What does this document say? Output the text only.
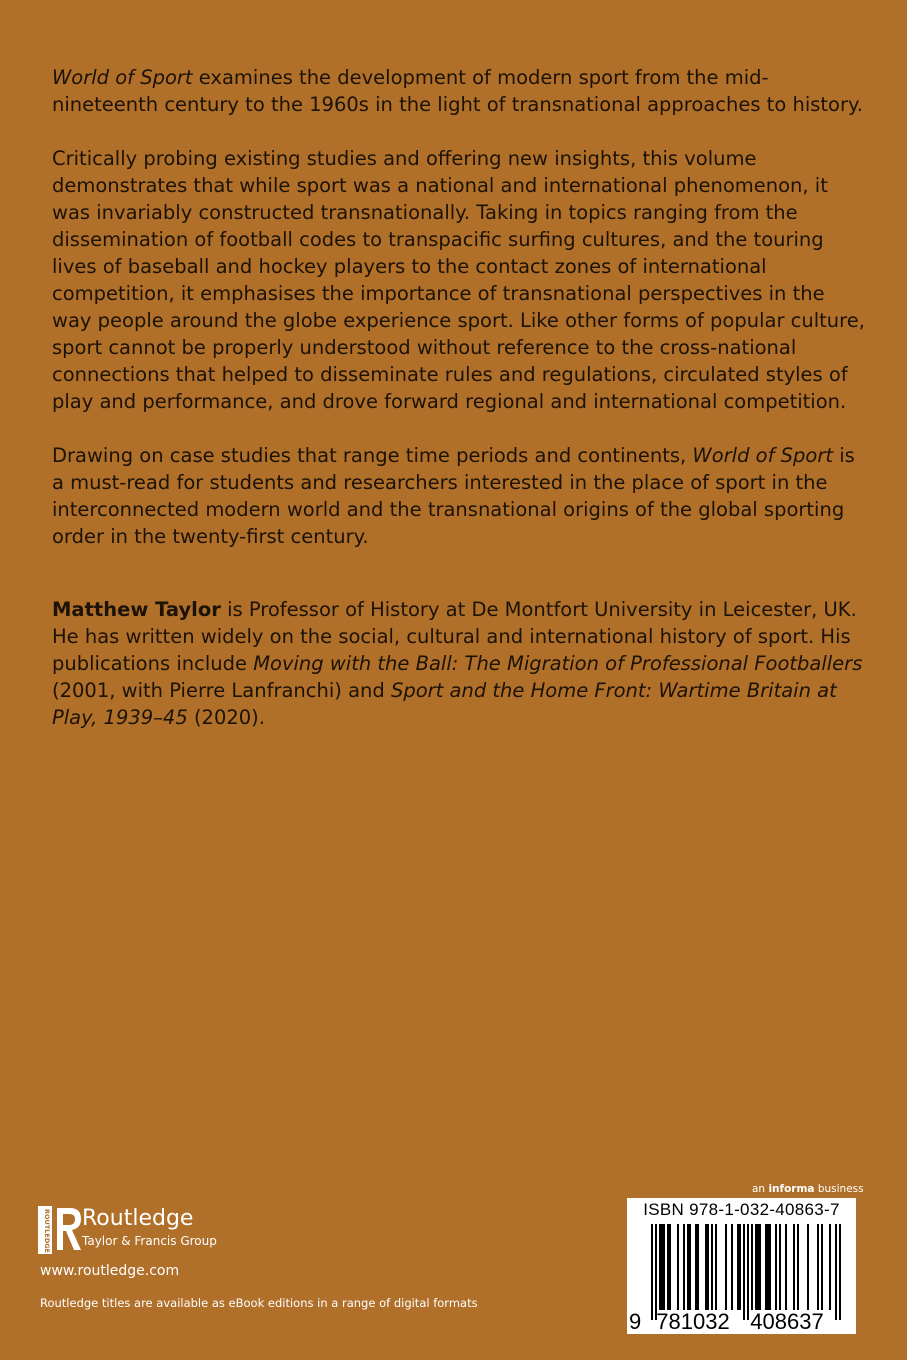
World of Sport examines the development of modern sport from the mid-nineteenth century to the 1960s in the light of transnational approaches to history.

Critically probing existing studies and offering new insights, this volume demonstrates that while sport was a national and international phenomenon, it was invariably constructed transnationally. Taking in topics ranging from the dissemination of football codes to transpacific surfing cultures, and the touring lives of baseball and hockey players to the contact zones of international competition, it emphasises the importance of transnational perspectives in the way people around the globe experience sport. Like other forms of popular culture, sport cannot be properly understood without reference to the cross-national connections that helped to disseminate rules and regulations, circulated styles of play and performance, and drove forward regional and international competition.

Drawing on case studies that range time periods and continents, World of Sport is a must-read for students and researchers interested in the place of sport in the interconnected modern world and the transnational origins of the global sporting order in the twenty-first century.

Matthew Taylor is Professor of History at De Montfort University in Leicester, UK. He has written widely on the social, cultural and international history of sport. His publications include Moving with the Ball: The Migration of Professional Footballers (2001, with Pierre Lanfranchi) and Sport and the Home Front: Wartime Britain at Play, 1939–45 (2020).

ROUTLEDGE Routledge
Taylor & Francis Group
www.routledge.com
Routledge titles are available as eBook editions in a range of digital formats
an informa business
ISBN 978-1-032-40863-7
9 781032 408637
